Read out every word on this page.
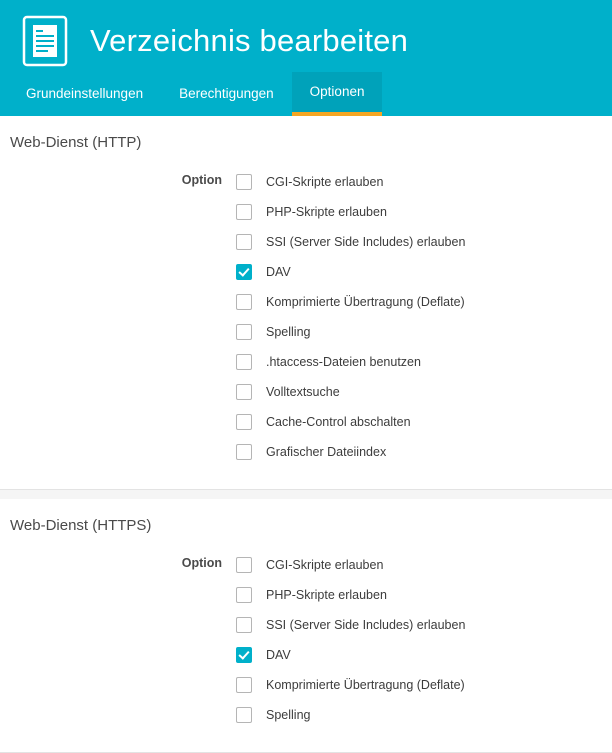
Verzeichnis bearbeiten
Grundeinstellungen	Berechtigungen	Optionen
Web-Dienst (HTTP)
Option	CGI-Skripte erlauben
PHP-Skripte erlauben
SSI (Server Side Includes) erlauben
DAV
Komprimierte Übertragung (Deflate)
Spelling
.htaccess-Dateien benutzen
Volltextsuche
Cache-Control abschalten
Grafischer Dateiindex
Web-Dienst (HTTPS)
Option	CGI-Skripte erlauben
PHP-Skripte erlauben
SSI (Server Side Includes) erlauben
DAV
Komprimierte Übertragung (Deflate)
Spelling
